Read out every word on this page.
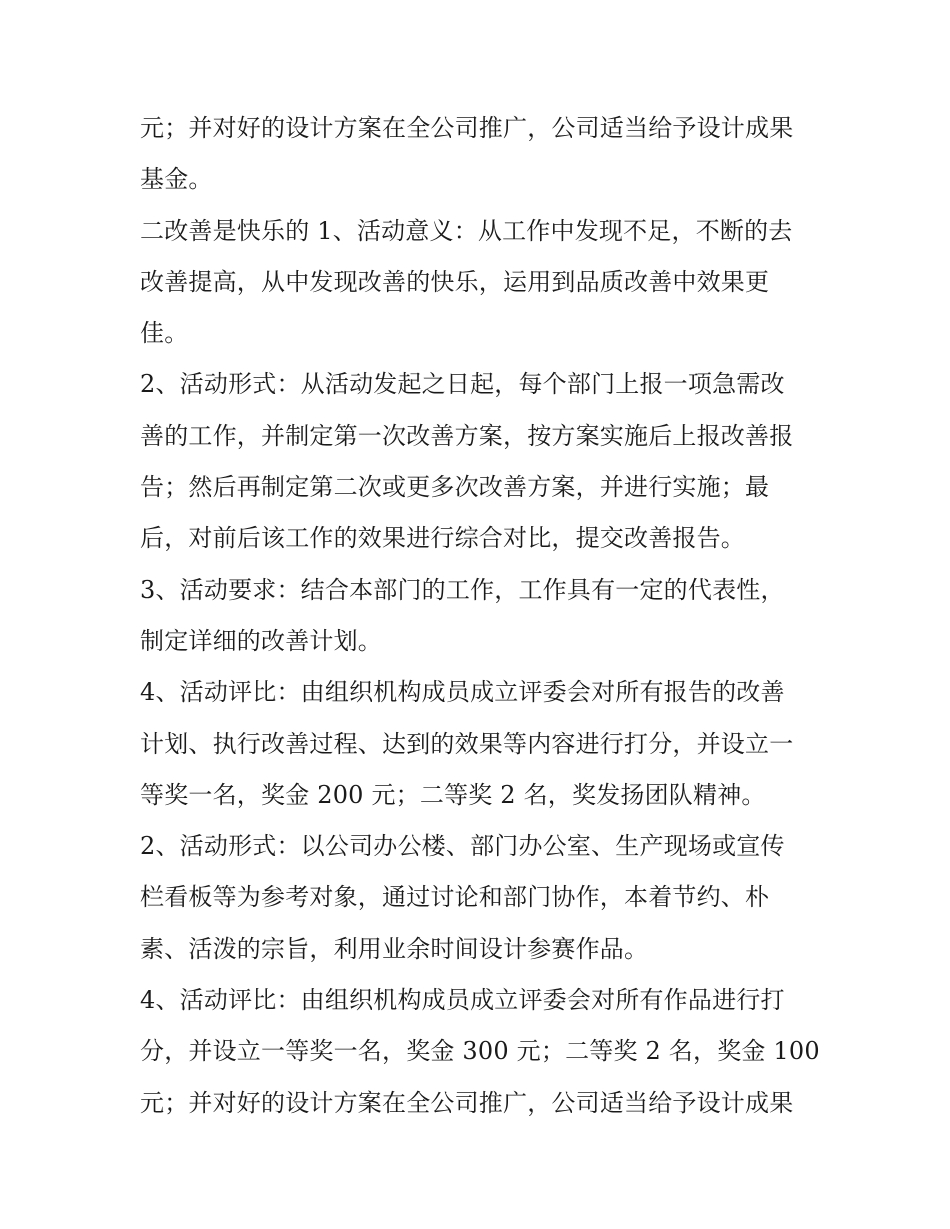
元；并对好的设计方案在全公司推广，公司适当给予设计成果
基金。
二改善是快乐的 1、活动意义：从工作中发现不足，不断的去
改善提高，从中发现改善的快乐，运用到品质改善中效果更
佳。
2、活动形式：从活动发起之日起，每个部门上报一项急需改
善的工作，并制定第一次改善方案，按方案实施后上报改善报
告；然后再制定第二次或更多次改善方案，并进行实施；最
后，对前后该工作的效果进行综合对比，提交改善报告。
3、活动要求：结合本部门的工作，工作具有一定的代表性，
制定详细的改善计划。
4、活动评比：由组织机构成员成立评委会对所有报告的改善
计划、执行改善过程、达到的效果等内容进行打分，并设立一
等奖一名，奖金 200 元；二等奖 2 名，奖发扬团队精神。
2、活动形式：以公司办公楼、部门办公室、生产现场或宣传
栏看板等为参考对象，通过讨论和部门协作，本着节约、朴
素、活泼的宗旨，利用业余时间设计参赛作品。
4、活动评比：由组织机构成员成立评委会对所有作品进行打
分，并设立一等奖一名，奖金 300 元；二等奖 2 名，奖金 100
元；并对好的设计方案在全公司推广，公司适当给予设计成果
